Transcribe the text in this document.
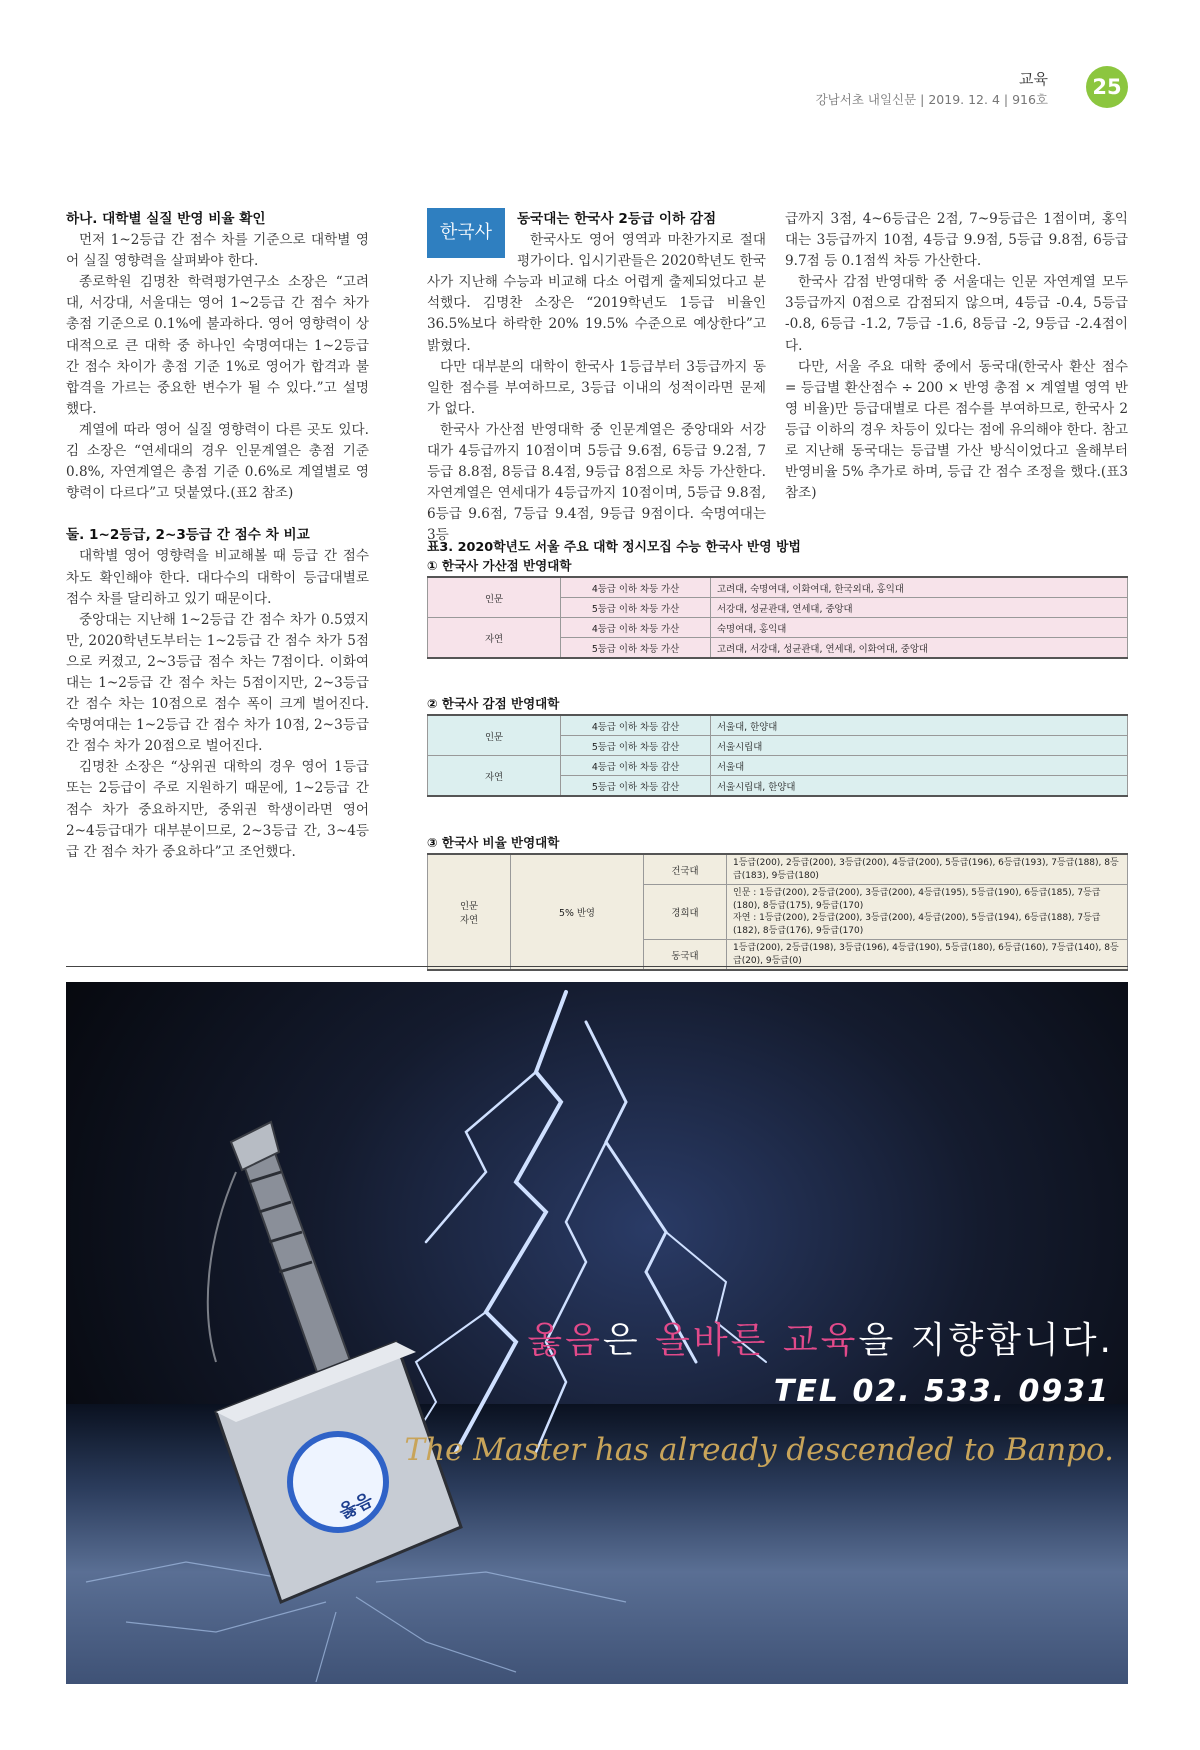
교육
강남서초 내일신문 | 2019. 12. 4 | 916호
25
하나. 대학별 실질 반영 비율 확인

먼저 1~2등급 간 점수 차를 기준으로 대학별 영어 실질 영향력을 살펴봐야 한다.

종로학원 김명찬 학력평가연구소 소장은 “고려대, 서강대, 서울대는 영어 1~2등급 간 점수 차가 총점 기준으로 0.1%에 불과하다. 영어 영향력이 상대적으로 큰 대학 중 하나인 숙명여대는 1~2등급 간 점수 차이가 총점 기준 1%로 영어가 합격과 불합격을 가르는 중요한 변수가 될 수 있다.”고 설명했다.

계열에 따라 영어 실질 영향력이 다른 곳도 있다. 김 소장은 “연세대의 경우 인문계열은 총점 기준 0.8%, 자연계열은 총점 기준 0.6%로 계열별로 영향력이 다르다”고 덧붙였다.(표2 참조)

둘. 1~2등급, 2~3등급 간 점수 차 비교

대학별 영어 영향력을 비교해볼 때 등급 간 점수차도 확인해야 한다. 대다수의 대학이 등급대별로 점수 차를 달리하고 있기 때문이다.

중앙대는 지난해 1~2등급 간 점수 차가 0.5였지만, 2020학년도부터는 1~2등급 간 점수 차가 5점으로 커졌고, 2~3등급 점수 차는 7점이다. 이화여대는 1~2등급 간 점수 차는 5점이지만, 2~3등급 간 점수 차는 10점으로 점수 폭이 크게 벌어진다. 숙명여대는 1~2등급 간 점수 차가 10점, 2~3등급 간 점수 차가 20점으로 벌어진다.

김명찬 소장은 “상위권 대학의 경우 영어 1등급 또는 2등급이 주로 지원하기 때문에, 1~2등급 간 점수 차가 중요하지만, 중위권 학생이라면 영어 2~4등급대가 대부분이므로, 2~3등급 간, 3~4등급 간 점수 차가 중요하다”고 조언했다.

한국사
동국대는 한국사 2등급 이하 감점

한국사도 영어 영역과 마찬가지로 절대평가이다. 입시기관들은 2020학년도 한국사가 지난해 수능과 비교해 다소 어렵게 출제되었다고 분석했다. 김명찬 소장은 “2019학년도 1등급 비율인 36.5%보다 하락한 20% 19.5% 수준으로 예상한다”고 밝혔다.

다만 대부분의 대학이 한국사 1등급부터 3등급까지 동일한 점수를 부여하므로, 3등급 이내의 성적이라면 문제가 없다.

한국사 가산점 반영대학 중 인문계열은 중앙대와 서강대가 4등급까지 10점이며 5등급 9.6점, 6등급 9.2점, 7등급 8.8점, 8등급 8.4점, 9등급 8점으로 차등 가산한다. 자연계열은 연세대가 4등급까지 10점이며, 5등급 9.8점, 6등급 9.6점, 7등급 9.4점, 9등급 9점이다. 숙명여대는 3등

급까지 3점, 4~6등급은 2점, 7~9등급은 1점이며, 홍익대는 3등급까지 10점, 4등급 9.9점, 5등급 9.8점, 6등급 9.7점 등 0.1점씩 차등 가산한다.

한국사 감점 반영대학 중 서울대는 인문 자연계열 모두 3등급까지 0점으로 감점되지 않으며, 4등급 -0.4, 5등급 -0.8, 6등급 -1.2, 7등급 -1.6, 8등급 -2, 9등급 -2.4점이다.

다만, 서울 주요 대학 중에서 동국대(한국사 환산 점수 = 등급별 환산점수 ÷ 200 × 반영 총점 × 계열별 영역 반영 비율)만 등급대별로 다른 점수를 부여하므로, 한국사 2등급 이하의 경우 차등이 있다는 점에 유의해야 한다. 참고로 지난해 동국대는 등급별 가산 방식이었다고 올해부터 반영비율 5% 추가로 하며, 등급 간 점수 조정을 했다.(표3 참조)

표3. 2020학년도 서울 주요 대학 정시모집 수능 한국사 반영 방법
① 한국사 가산점 반영대학
인문	4등급 이하 차등 가산	고려대, 숙명여대, 이화여대, 한국외대, 홍익대
	5등급 이하 차등 가산	서강대, 성균관대, 연세대, 중앙대
자연	4등급 이하 차등 가산	숙명여대, 홍익대
	5등급 이하 차등 가산	고려대, 서강대, 성균관대, 연세대, 이화여대, 중앙대
② 한국사 감점 반영대학
인문	4등급 이하 차등 감산	서울대, 한양대
	5등급 이하 차등 감산	서울시립대
자연	4등급 이하 차등 감산	서울대
	5등급 이하 차등 감산	서울시립대, 한양대
③ 한국사 비율 반영대학
인문
자연	5% 반영	건국대	1등급(200), 2등급(200), 3등급(200), 4등급(200), 5등급(196), 6등급(193), 7등급(188), 8등급(183), 9등급(180)
		경희대	인문 : 1등급(200), 2등급(200), 3등급(200), 4등급(195), 5등급(190), 6등급(185), 7등급(180), 8등급(175), 9등급(170)
자연 : 1등급(200), 2등급(200), 3등급(200), 4등급(200), 5등급(194), 6등급(188), 7등급(182), 8등급(176), 9등급(170)
		동국대	1등급(200), 2등급(198), 3등급(196), 4등급(190), 5등급(180), 6등급(160), 7등급(140), 8등급(20), 9등급(0)
옳음
옳음은 올바른 교육을 지향합니다.
TEL 02. 533. 0931
The Master has already descended to Banpo.
